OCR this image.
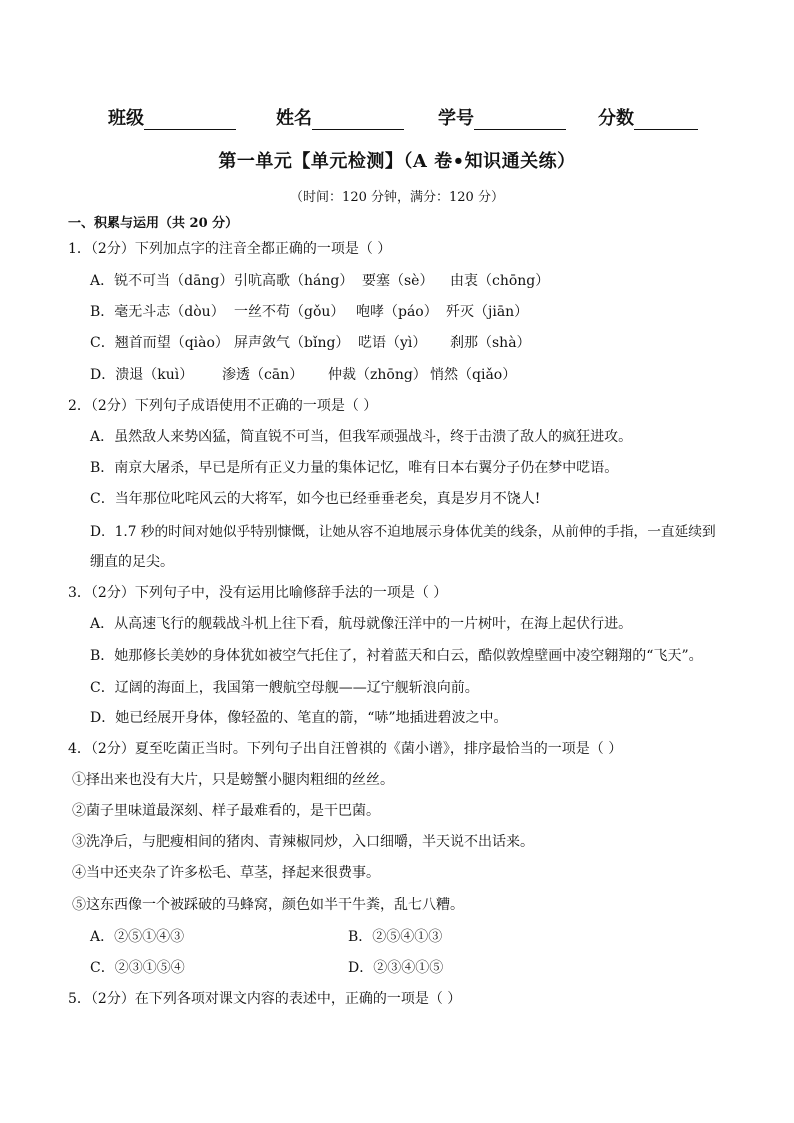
班级	姓名	学号	分数
第一单元【单元检测】（A 卷•知识通关练）
（时间：120 分钟，满分：120 分）
一、积累与运用（共 20 分）
1．（2分）下列加点字的注音全都正确的一项是（ ）
A．锐不可当（dāng） 引吭高歌（háng） 要塞（sè） 由衷（chōng）
B．毫无斗志（dòu） 一丝不苟（gǒu） 咆哮（páo） 歼灭（jiān）
C．翘首而望（qiào） 屏声敛气（bǐng） 呓语（yì） 刹那（shà）
D．溃退（kuì） 渗透（cān） 仲裁（zhōng） 悄然（qiǎo）
2．（2分）下列句子成语使用不正确的一项是（ ）
A．虽然敌人来势凶猛，简直锐不可当，但我军顽强战斗，终于击溃了敌人的疯狂进攻。
B．南京大屠杀，早已是所有正义力量的集体记忆，唯有日本右翼分子仍在梦中呓语。
C．当年那位叱咤风云的大将军，如今也已经垂垂老矣，真是岁月不饶人!
D．1.7 秒的时间对她似乎特别慷慨，让她从容不迫地展示身体优美的线条，从前伸的手指，一直延续到
绷直的足尖。
3．（2分）下列句子中，没有运用比喻修辞手法的一项是（ ）
A．从高速飞行的舰载战斗机上往下看，航母就像汪洋中的一片树叶，在海上起伏行进。
B．她那修长美妙的身体犹如被空气托住了，衬着蓝天和白云，酷似敦煌壁画中凌空翱翔的“飞天”。
C．辽阔的海面上，我国第一艘航空母舰——辽宁舰斩浪向前。
D．她已经展开身体，像轻盈的、笔直的箭，“哧”地插进碧波之中。
4．（2分）夏至吃菌正当时。下列句子出自汪曾祺的《菌小谱》，排序最恰当的一项是（ ）
①择出来也没有大片，只是螃蟹小腿肉粗细的丝丝。
②菌子里味道最深刻、样子最难看的，是干巴菌。
③洗净后，与肥瘦相间的猪肉、青辣椒同炒，入口细嚼，半天说不出话来。
④当中还夹杂了许多松毛、草茎，择起来很费事。
⑤这东西像一个被踩破的马蜂窝，颜色如半干牛粪，乱七八糟。
A．②⑤①④③	B．②⑤④①③
C．②③①⑤④	D．②③④①⑤
5．（2分）在下列各项对课文内容的表述中，正确的一项是（ ）
